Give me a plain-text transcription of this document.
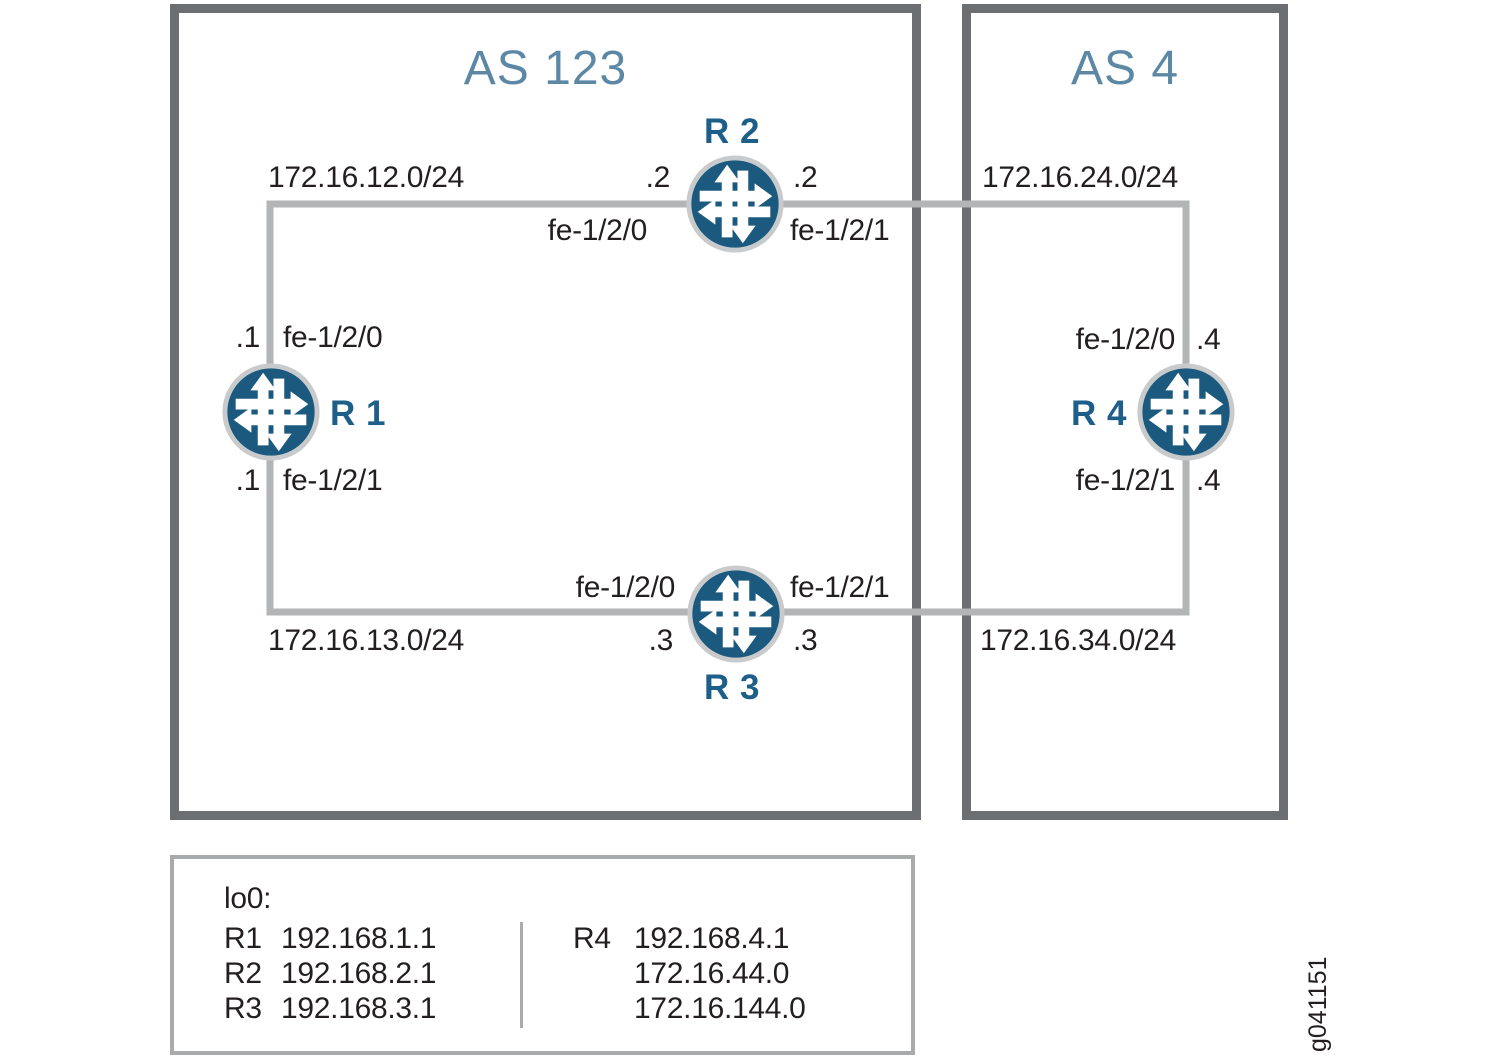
AS 123	AS 4
R 1
R 2
R 3
R 4
172.16.12.0/24	172.16.24.0/24
172.16.13.0/24	172.16.34.0/24
.1 fe-1/2/0
.1 fe-1/2/1
.2
fe-1/2/0
.2
fe-1/2/1
fe-1/2/0
.3
fe-1/2/1
.3
fe-1/2/0 .4
fe-1/2/1 .4
lo0:
R1 192.168.1.1
R2 192.168.2.1
R3 192.168.3.1
R4 192.168.4.1
172.16.44.0
172.16.144.0	g041151
